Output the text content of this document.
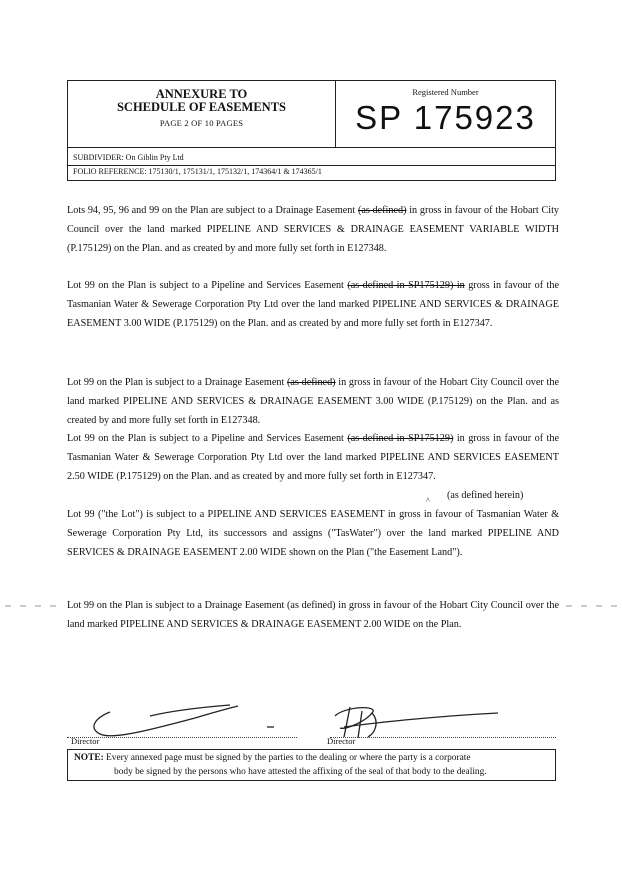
ANNEXURE TO
SCHEDULE OF EASEMENTS
PAGE 2 OF 10 PAGES
Registered Number
SP 175923
SUBDIVIDER: On Giblin Pty Ltd
FOLIO REFERENCE: 175130/1, 175131/1, 175132/1, 174364/1 & 174365/1

Lots 94, 95, 96 and 99 on the Plan are subject to a Drainage Easement (as defined) in gross in favour of the Hobart City Council over the land marked PIPELINE AND SERVICES & DRAINAGE EASEMENT VARIABLE WIDTH (P.175129) on the Plan. and as created by and more fully set forth in E127348.

Lot 99 on the Plan is subject to a Pipeline and Services Easement (as defined in SP175129) in gross in favour of the Tasmanian Water & Sewerage Corporation Pty Ltd over the land marked PIPELINE AND SERVICES & DRAINAGE EASEMENT 3.00 WIDE (P.175129) on the Plan. and as created by and more fully set forth in E127347.

Lot 99 on the Plan is subject to a Drainage Easement (as defined) in gross in favour of the Hobart City Council over the land marked PIPELINE AND SERVICES & DRAINAGE EASEMENT 3.00 WIDE (P.175129) on the Plan. and as created by and more fully set forth in E127348.

Lot 99 on the Plan is subject to a Pipeline and Services Easement (as defined in SP175129) in gross in favour of the Tasmanian Water & Sewerage Corporation Pty Ltd over the land marked PIPELINE AND SERVICES EASEMENT 2.50 WIDE (P.175129) on the Plan. and as created by and more fully set forth in E127347.

^ (as defined herein)

Lot 99 ("the Lot") is subject to a PIPELINE AND SERVICES EASEMENT in gross in favour of Tasmanian Water & Sewerage Corporation Pty Ltd, its successors and assigns ("TasWater") over the land marked PIPELINE AND SERVICES & DRAINAGE EASEMENT 2.00 WIDE shown on the Plan ("the Easement Land").

Lot 99 on the Plan is subject to a Drainage Easement (as defined) in gross in favour of the Hobart City Council over the land marked PIPELINE AND SERVICES & DRAINAGE EASEMENT 2.00 WIDE on the Plan.

Director	Director
NOTE: Every annexed page must be signed by the parties to the dealing or where the party is a corporate
body be signed by the persons who have attested the affixing of the seal of that body to the dealing.
